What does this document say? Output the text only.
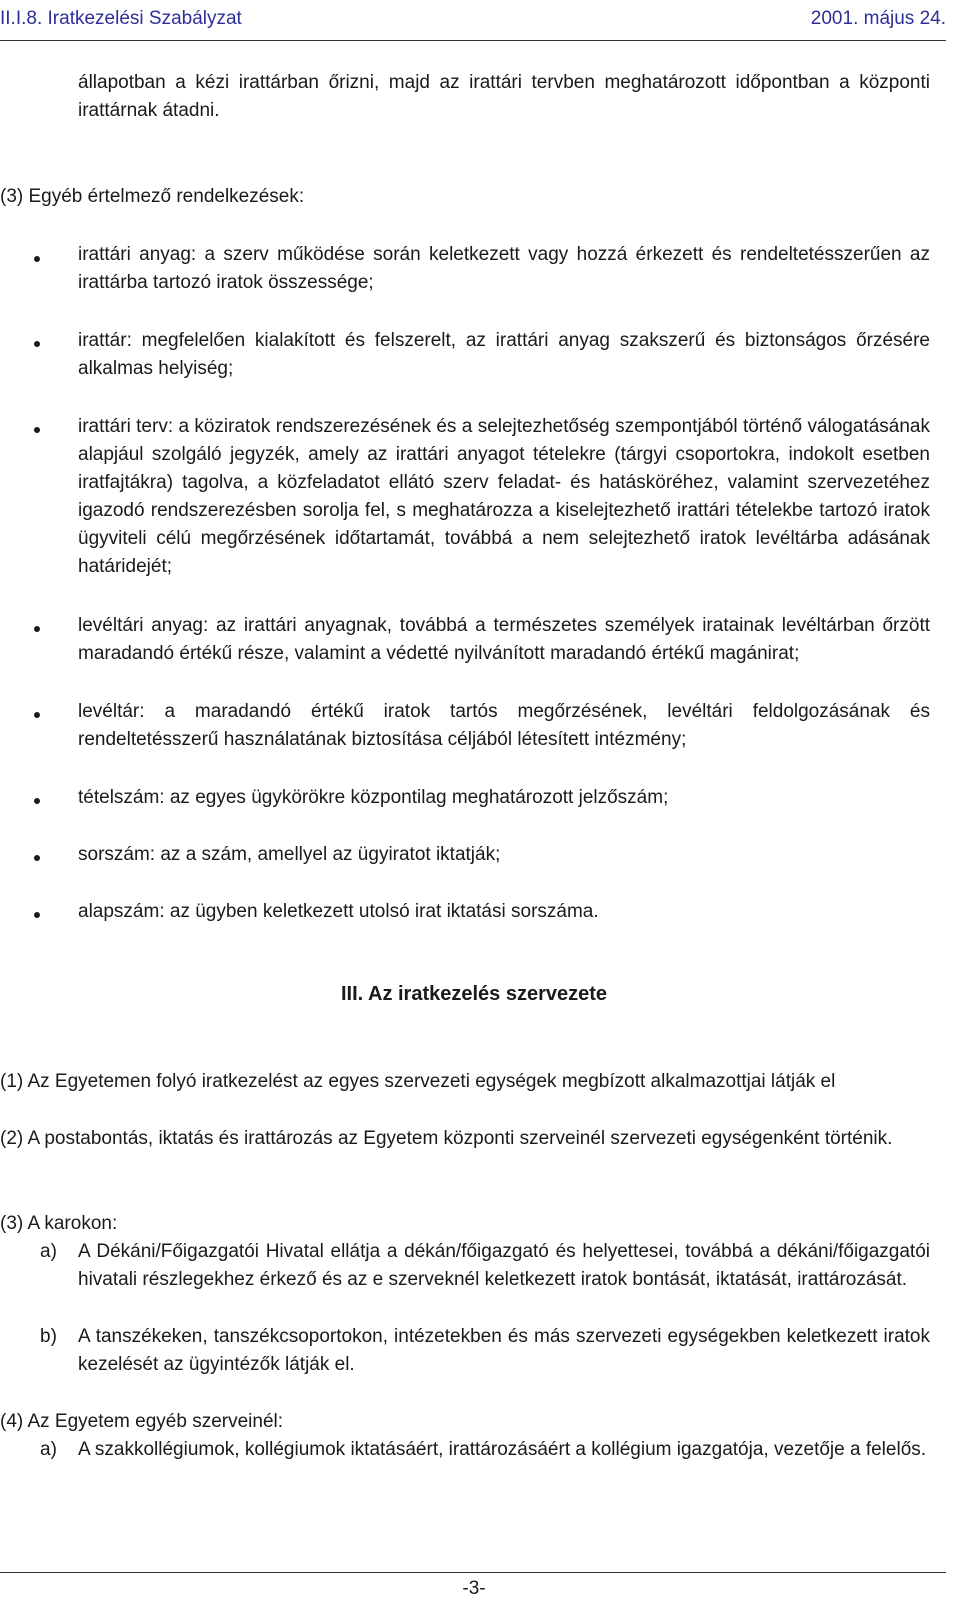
II.I.8. Iratkezelési Szabályzat	2001. május 24.

állapotban a kézi irattárban őrizni, majd az irattári tervben meghatározott időpontban a központi irattárnak átadni.

(3) Egyéb értelmező rendelkezések:

irattári anyag: a szerv működése során keletkezett vagy hozzá érkezett és rendeltetésszerűen az irattárba tartozó iratok összessége;

irattár: megfelelően kialakított és felszerelt, az irattári anyag szakszerű és biztonságos őrzésére alkalmas helyiség;

irattári terv: a köziratok rendszerezésének és a selejtezhetőség szempontjából történő válogatásának alapjául szolgáló jegyzék, amely az irattári anyagot tételekre (tárgyi csoportokra, indokolt esetben iratfajtákra) tagolva, a közfeladatot ellátó szerv feladat- és hatásköréhez, valamint szervezetéhez igazodó rendszerezésben sorolja fel, s meghatározza a kiselejtezhető irattári tételekbe tartozó iratok ügyviteli célú megőrzésének időtartamát, továbbá a nem selejtezhető iratok levéltárba adásának határidejét;

levéltári anyag: az irattári anyagnak, továbbá a természetes személyek iratainak levéltárban őrzött maradandó értékű része, valamint a védetté nyilvánított maradandó értékű magánirat;

levéltár: a maradandó értékű iratok tartós megőrzésének, levéltári feldolgozásának és rendeltetésszerű használatának biztosítása céljából létesített intézmény;

tételszám: az egyes ügykörökre központilag meghatározott jelzőszám;

sorszám: az a szám, amellyel az ügyiratot iktatják;

alapszám: az ügyben keletkezett utolsó irat iktatási sorszáma.

III. Az iratkezelés szervezete

(1) Az Egyetemen folyó iratkezelést az egyes szervezeti egységek megbízott alkalmazottjai látják el

(2) A postabontás, iktatás és irattározás az Egyetem központi szerveinél szervezeti egységenként történik.

(3) A karokon:

a) A Dékáni/Főigazgatói Hivatal ellátja a dékán/főigazgató és helyettesei, továbbá a dékáni/főigazgatói hivatali részlegekhez érkező és az e szerveknél keletkezett iratok bontását, iktatását, irattározását.

b) A tanszékeken, tanszékcsoportokon, intézetekben és más szervezeti egységekben keletkezett iratok kezelését az ügyintézők látják el.

(4) Az Egyetem egyéb szerveinél:

a) A szakkollégiumok, kollégiumok iktatásáért, irattározásáért a kollégium igazgatója, vezetője a felelős.

-3-
